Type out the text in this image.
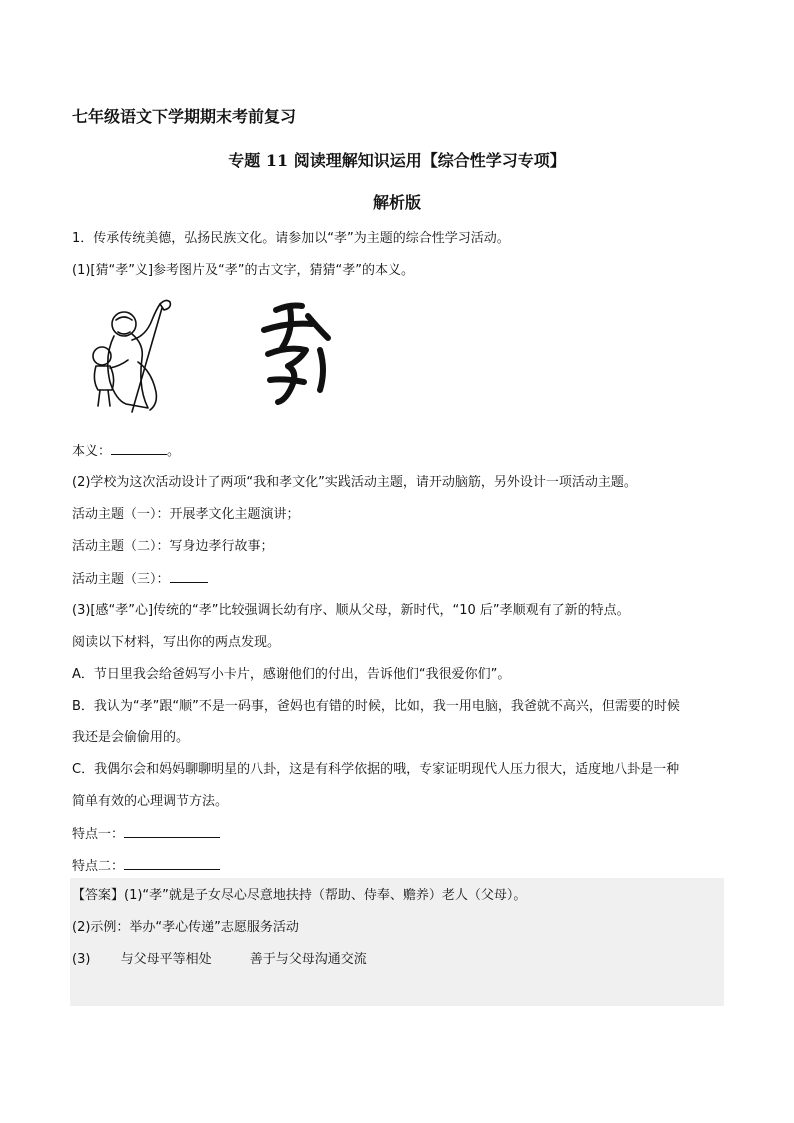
七年级语文下学期期末考前复习
专题 11 阅读理解知识运用【综合性学习专项】
解析版
1．传承传统美德，弘扬民族文化。请参加以“孝”为主题的综合性学习活动。
(1)[猜“孝”义]参考图片及“孝”的古文字，猜猜“孝”的本义。
本义：	。
(2)学校为这次活动设计了两项“我和孝文化”实践活动主题，请开动脑筋，另外设计一项活动主题。
活动主题（一）：开展孝文化主题演讲；
活动主题（二）：写身边孝行故事；
活动主题（三）：
(3)[感“孝”心]传统的“孝”比较强调长幼有序、顺从父母，新时代，“10 后”孝顺观有了新的特点。
阅读以下材料，写出你的两点发现。
A．节日里我会给爸妈写小卡片，感谢他们的付出，告诉他们“我很爱你们”。
B．我认为“孝”跟“顺”不是一码事，爸妈也有错的时候，比如，我一用电脑，我爸就不高兴，但需要的时候
我还是会偷偷用的。
C．我偶尔会和妈妈聊聊明星的八卦，这是有科学依据的哦，专家证明现代人压力很大，适度地八卦是一种
简单有效的心理调节方法。
特点一：
特点二：
【答案】(1)“孝”就是子女尽心尽意地扶持（帮助、侍奉、赡养）老人（父母）。
(2)示例：举办“孝心传递”志愿服务活动
(3) 与父母平等相处	善于与父母沟通交流
